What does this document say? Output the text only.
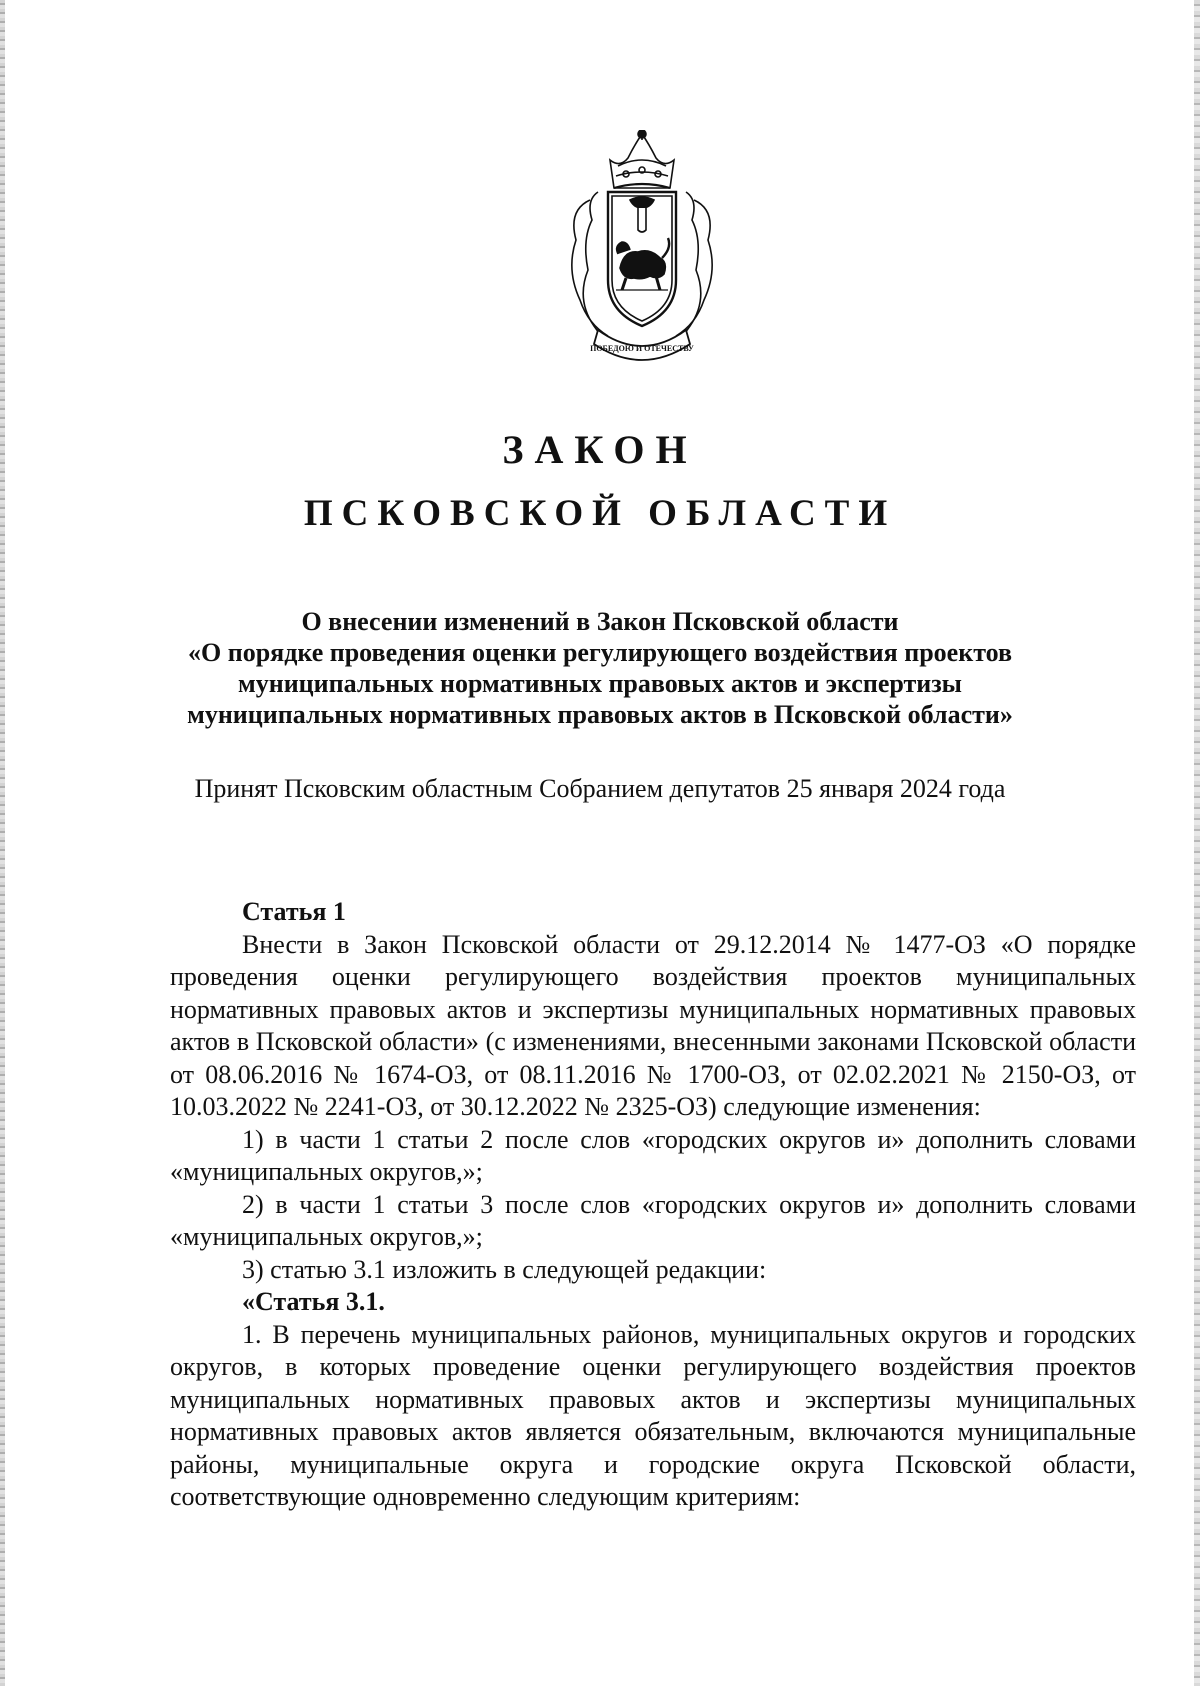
ПОБЕДОЮ И ОТЕЧЕСТВУ
ЗАКОН
ПСКОВСКОЙ ОБЛАСТИ
О внесении изменений в Закон Псковской области
«О порядке проведения оценки регулирующего воздействия проектов
муниципальных нормативных правовых актов и экспертизы
муниципальных нормативных правовых актов в Псковской области»
Принят Псковским областным Собранием депутатов 25 января 2024 года

Статья 1

Внести в Закон Псковской области от 29.12.2014 № 1477-ОЗ «О порядке проведения оценки регулирующего воздействия проектов муниципальных нормативных правовых актов и экспертизы муниципальных нормативных правовых актов в Псковской области» (с изменениями, внесенными законами Псковской области от 08.06.2016 № 1674-ОЗ, от 08.11.2016 № 1700-ОЗ, от 02.02.2021 № 2150-ОЗ, от 10.03.2022 № 2241-ОЗ, от 30.12.2022 № 2325-ОЗ) следующие изменения:

1) в части 1 статьи 2 после слов «городских округов и» дополнить словами «муниципальных округов,»;

2) в части 1 статьи 3 после слов «городских округов и» дополнить словами «муниципальных округов,»;

3) статью 3.1 изложить в следующей редакции:

«Статья 3.1.

1. В перечень муниципальных районов, муниципальных округов и городских округов, в которых проведение оценки регулирующего воздействия проектов муниципальных нормативных правовых актов и экспертизы муниципальных нормативных правовых актов является обязательным, включаются муниципальные районы, муниципальные округа и городские округа Псковской области, соответствующие одновременно следующим критериям:
